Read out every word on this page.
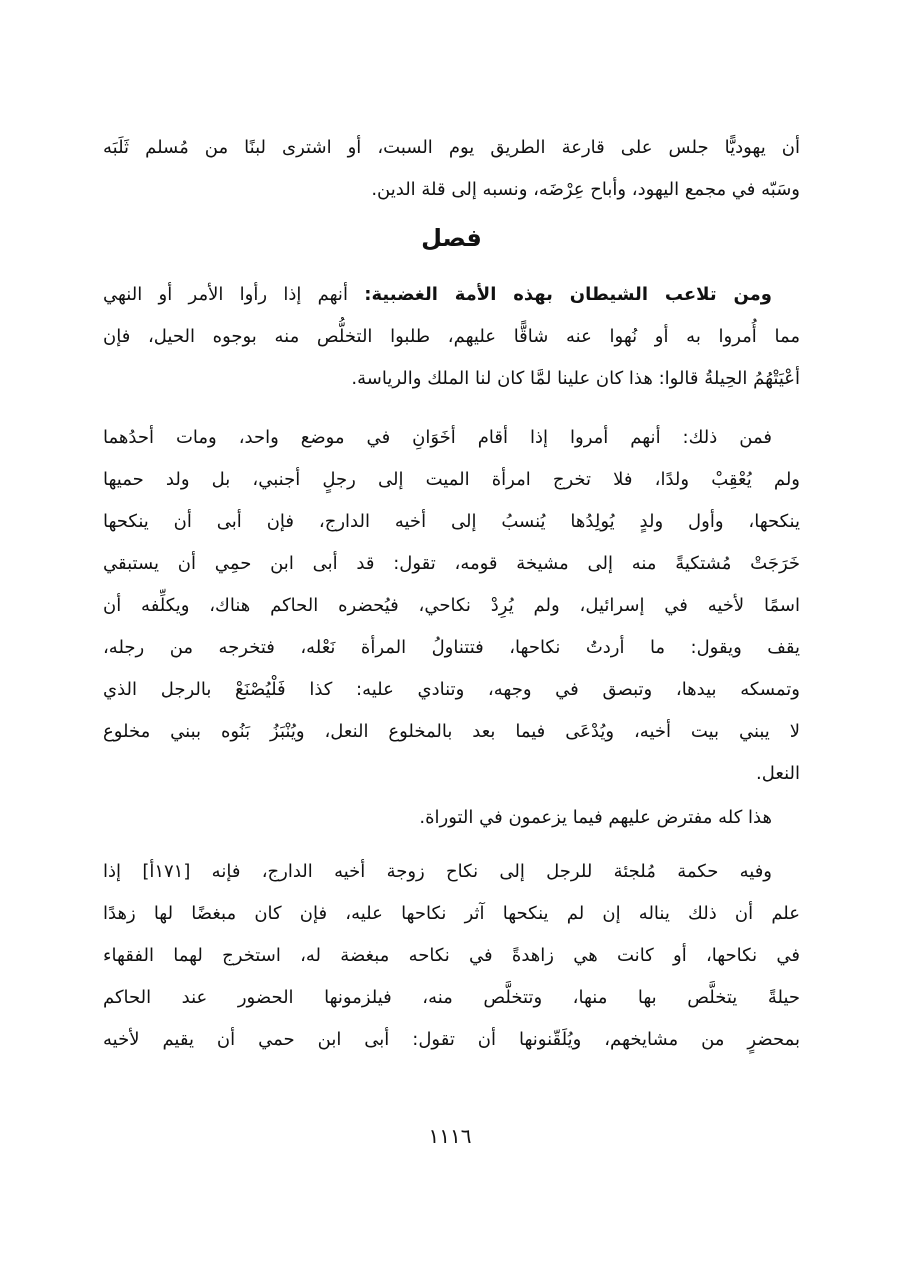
أن يهوديًّا جلس على قارعة الطريق يوم السبت، أو اشترى لبنًا من مُسلم ثَلَبَه
وسَبّه في مجمع اليهود، وأباح عِرْضَه، ونسبه إلى قلة الدين.
فصل
ومن تلاعب الشيطان بهذه الأمة الغضبية: أنهم إذا رأوا الأمر أو النهي
مما أُمروا به أو نُهوا عنه شاقًّا عليهم، طلبوا التخلُّص منه بوجوه الحيل، فإن
أعْيَتْهُمُ الحِيلةُ قالوا: هذا كان علينا لمَّا كان لنا الملك والرياسة.
فمن ذلك: أنهم أمروا إذا أقام أخَوَانِ في موضع واحد، ومات أحدُهما
ولم يُعْقِبْ ولدًا، فلا تخرج امرأة الميت إلى رجلٍ أجنبي، بل ولد حميها
ينكحها، وأول ولدٍ يُولِدُها يُنسبُ إلى أخيه الدارج، فإن أبى أن ينكحها
خَرَجَتْ مُشتكيةً منه إلى مشيخة قومه، تقول: قد أبى ابن حمِي أن يستبقي
اسمًا لأخيه في إسرائيل، ولم يُرِدْ نكاحي، فيُحضره الحاكم هناك، ويكلِّفه أن
يقف ويقول: ما أردتُ نكاحها، فتتناولُ المرأة نَعْله، فتخرجه من رجله،
وتمسكه بيدها، وتبصق في وجهه، وتنادي عليه: كذا فَلْيُصْنَعْ بالرجل الذي
لا يبني بيت أخيه، ويُدْعَى فيما بعد بالمخلوع النعل، ويُنْبَزُ بَنُوه ببني مخلوع
النعل.
هذا كله مفترض عليهم فيما يزعمون في التوراة.
وفيه حكمة مُلجئة للرجل إلى نكاح زوجة أخيه الدارج، فإنه [١٧١أ] إذا
علم أن ذلك يناله إن لم ينكحها آثر نكاحها عليه، فإن كان مبغضًا لها زهدًا
في نكاحها، أو كانت هي زاهدةً في نكاحه مبغضة له، استخرج لهما الفقهاء
حيلةً يتخلَّص بها منها، وتتخلَّص منه، فيلزمونها الحضور عند الحاكم
بمحضرٍ من مشايخهم، ويُلَقّنونها أن تقول: أبى ابن حمي أن يقيم لأخيه
١١١٦
